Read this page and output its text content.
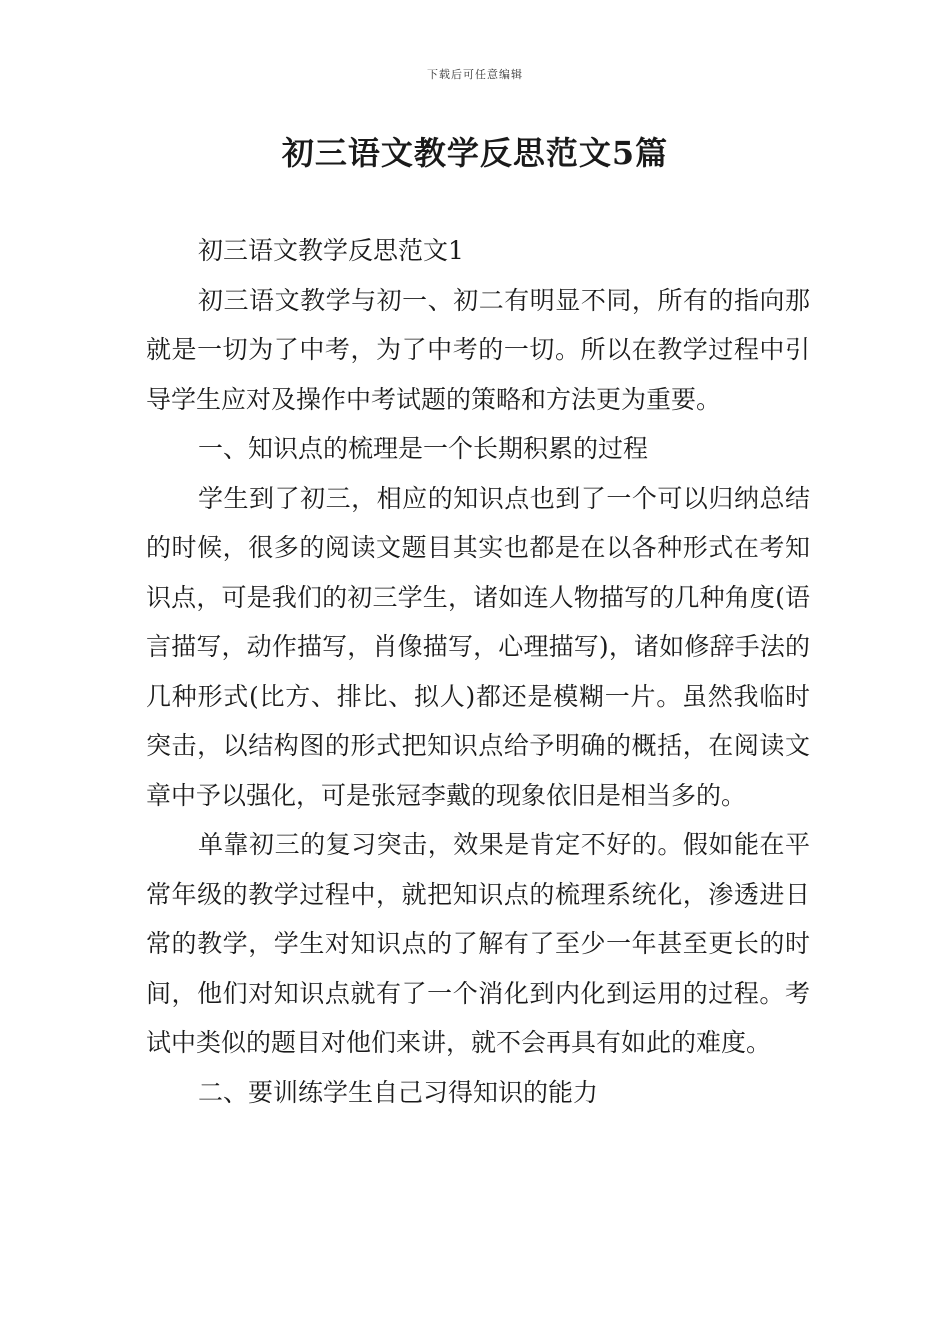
下载后可任意编辑
初三语文教学反思范文5篇

初三语文教学反思范文1

初三语文教学与初一、初二有明显不同，所有的指向那就是一切为了中考，为了中考的一切。所以在教学过程中引导学生应对及操作中考试题的策略和方法更为重要。

一、知识点的梳理是一个长期积累的过程

学生到了初三，相应的知识点也到了一个可以归纳总结的时候，很多的阅读文题目其实也都是在以各种形式在考知识点，可是我们的初三学生，诸如连人物描写的几种角度(语言描写，动作描写，肖像描写，心理描写)，诸如修辞手法的几种形式(比方、排比、拟人)都还是模糊一片。虽然我临时突击，以结构图的形式把知识点给予明确的概括，在阅读文章中予以强化，可是张冠李戴的现象依旧是相当多的。

单靠初三的复习突击，效果是肯定不好的。假如能在平常年级的教学过程中，就把知识点的梳理系统化，渗透进日常的教学，学生对知识点的了解有了至少一年甚至更长的时间，他们对知识点就有了一个消化到内化到运用的过程。考试中类似的题目对他们来讲，就不会再具有如此的难度。

二、要训练学生自己习得知识的能力
